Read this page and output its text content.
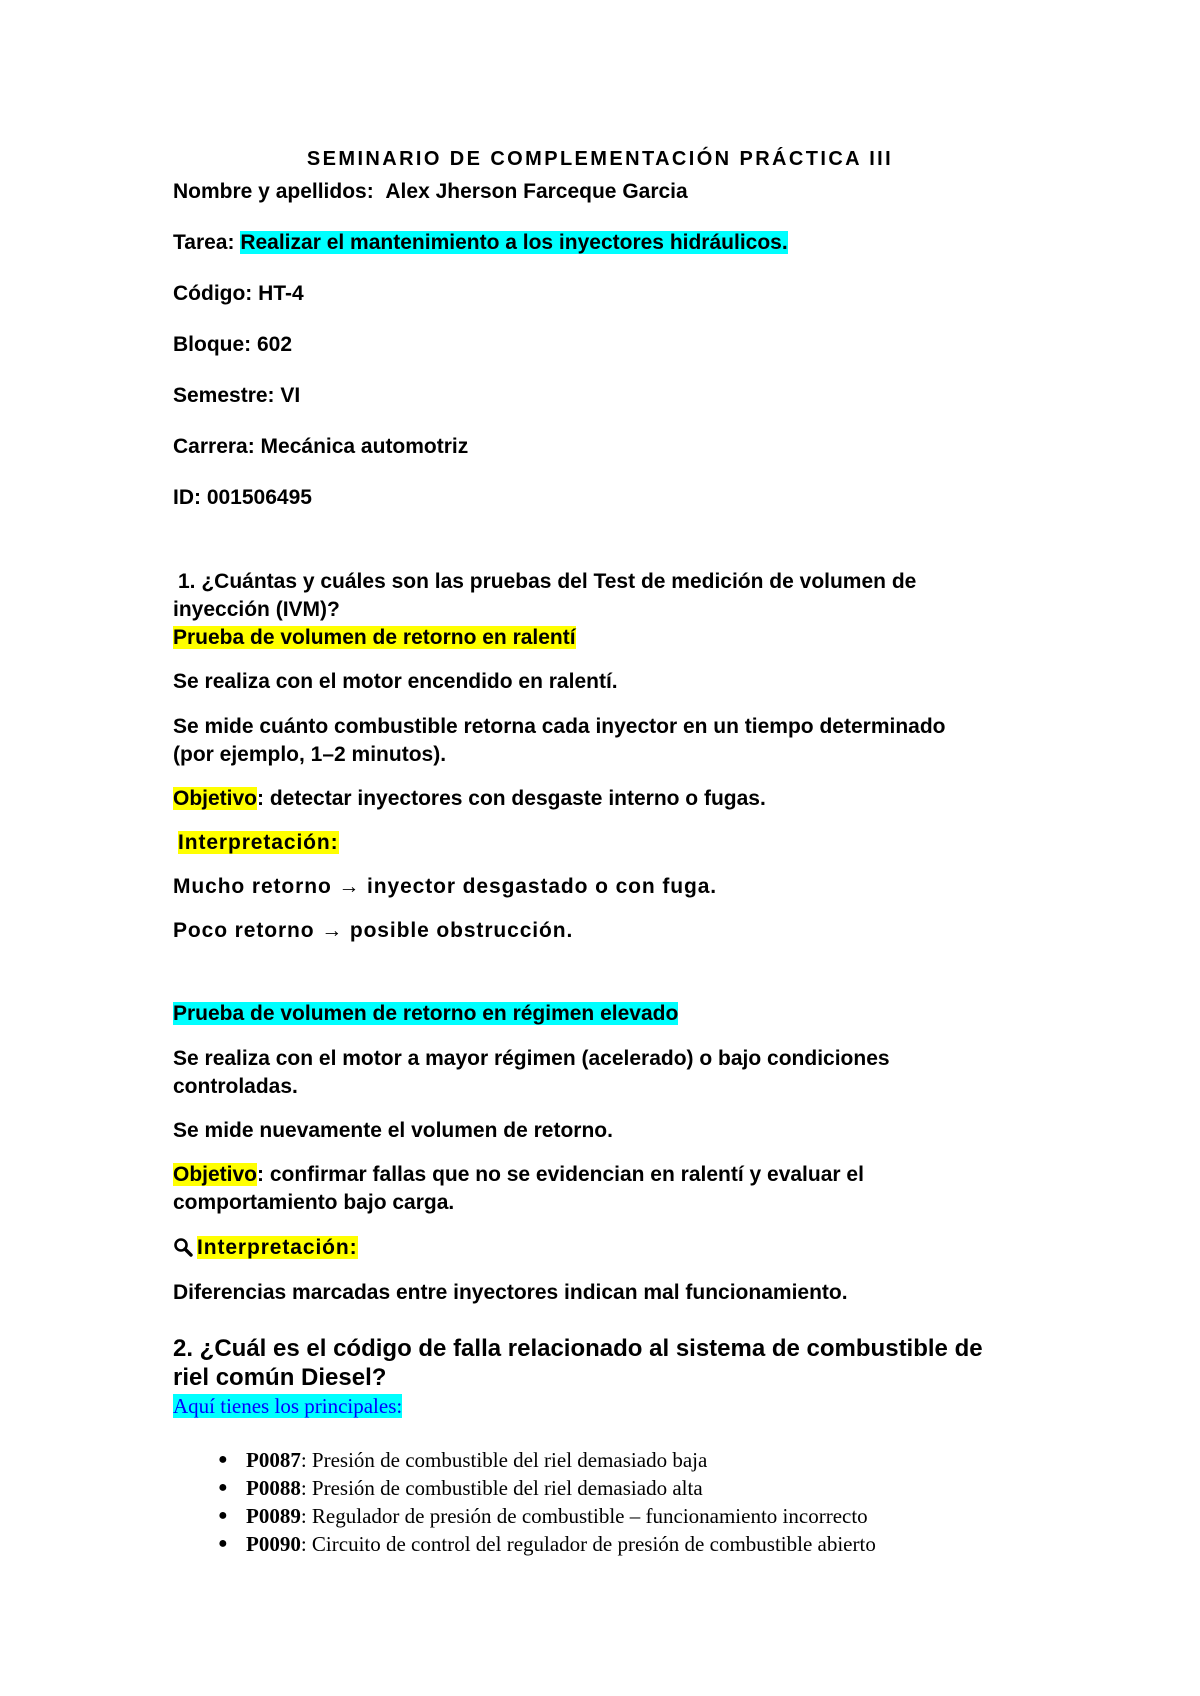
SEMINARIO DE COMPLEMENTACIÓN PRÁCTICA III

Nombre y apellidos: Alex Jherson Farceque Garcia

Tarea: Realizar el mantenimiento a los inyectores hidráulicos.

Código: HT-4

Bloque: 602

Semestre: VI

Carrera: Mecánica automotriz

ID: 001506495

1. ¿Cuántas y cuáles son las pruebas del Test de medición de volumen de

inyección (IVM)?

Prueba de volumen de retorno en ralentí

Se realiza con el motor encendido en ralentí.

Se mide cuánto combustible retorna cada inyector en un tiempo determinado

(por ejemplo, 1–2 minutos).

Objetivo: detectar inyectores con desgaste interno o fugas.

Interpretación:

Mucho retorno → inyector desgastado o con fuga.

Poco retorno → posible obstrucción.

Prueba de volumen de retorno en régimen elevado

Se realiza con el motor a mayor régimen (acelerado) o bajo condiciones

controladas.

Se mide nuevamente el volumen de retorno.

Objetivo: confirmar fallas que no se evidencian en ralentí y evaluar el

comportamiento bajo carga.

Interpretación:

Diferencias marcadas entre inyectores indican mal funcionamiento.

2. ¿Cuál es el código de falla relacionado al sistema de combustible de

riel común Diesel?

Aquí tienes los principales:

● P0087: Presión de combustible del riel demasiado baja
● P0088: Presión de combustible del riel demasiado alta
● P0089: Regulador de presión de combustible – funcionamiento incorrecto
● P0090: Circuito de control del regulador de presión de combustible abierto
